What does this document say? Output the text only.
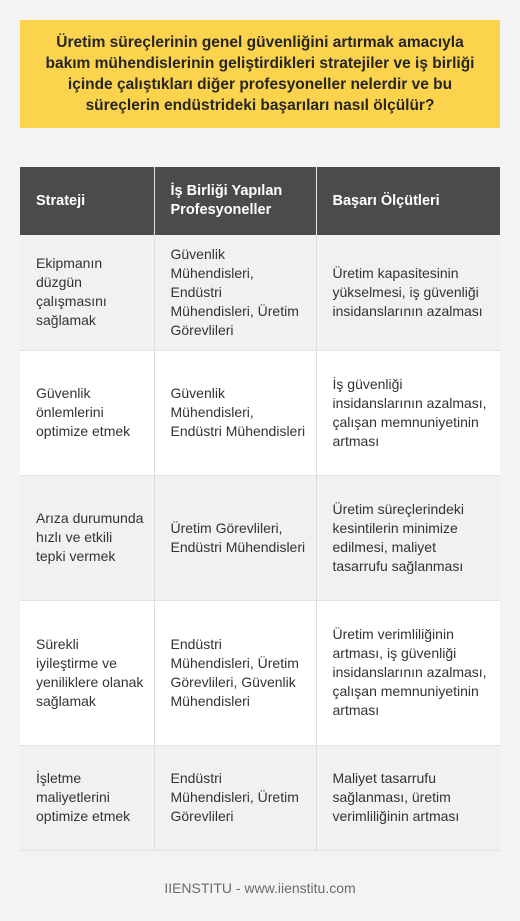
Üretim süreçlerinin genel güvenliğini artırmak amacıyla bakım mühendislerinin geliştirdikleri stratejiler ve iş birliği içinde çalıştıkları diğer profesyoneller nelerdir ve bu süreçlerin endüstrideki başarıları nasıl ölçülür?

Strateji	İş Birliği Yapılan Profesyoneller	Başarı Ölçütleri
Ekipmanın düzgün çalışmasını sağlamak	Güvenlik Mühendisleri, Endüstri Mühendisleri, Üretim Görevlileri	Üretim kapasitesinin yükselmesi, iş güvenliği insidanslarının azalması
Güvenlik önlemlerini optimize etmek	Güvenlik Mühendisleri, Endüstri Mühendisleri	İş güvenliği insidanslarının azalması, çalışan memnuniyetinin artması
Arıza durumunda hızlı ve etkili tepki vermek	Üretim Görevlileri, Endüstri Mühendisleri	Üretim süreçlerindeki kesintilerin minimize edilmesi, maliyet tasarrufu sağlanması
Sürekli iyileştirme ve yeniliklere olanak sağlamak	Endüstri Mühendisleri, Üretim Görevlileri, Güvenlik Mühendisleri	Üretim verimliliğinin artması, iş güvenliği insidanslarının azalması, çalışan memnuniyetinin artması
İşletme maliyetlerini optimize etmek	Endüstri Mühendisleri, Üretim Görevlileri	Maliyet tasarrufu sağlanması, üretim verimliliğinin artması
IIENSTITU - www.iienstitu.com
